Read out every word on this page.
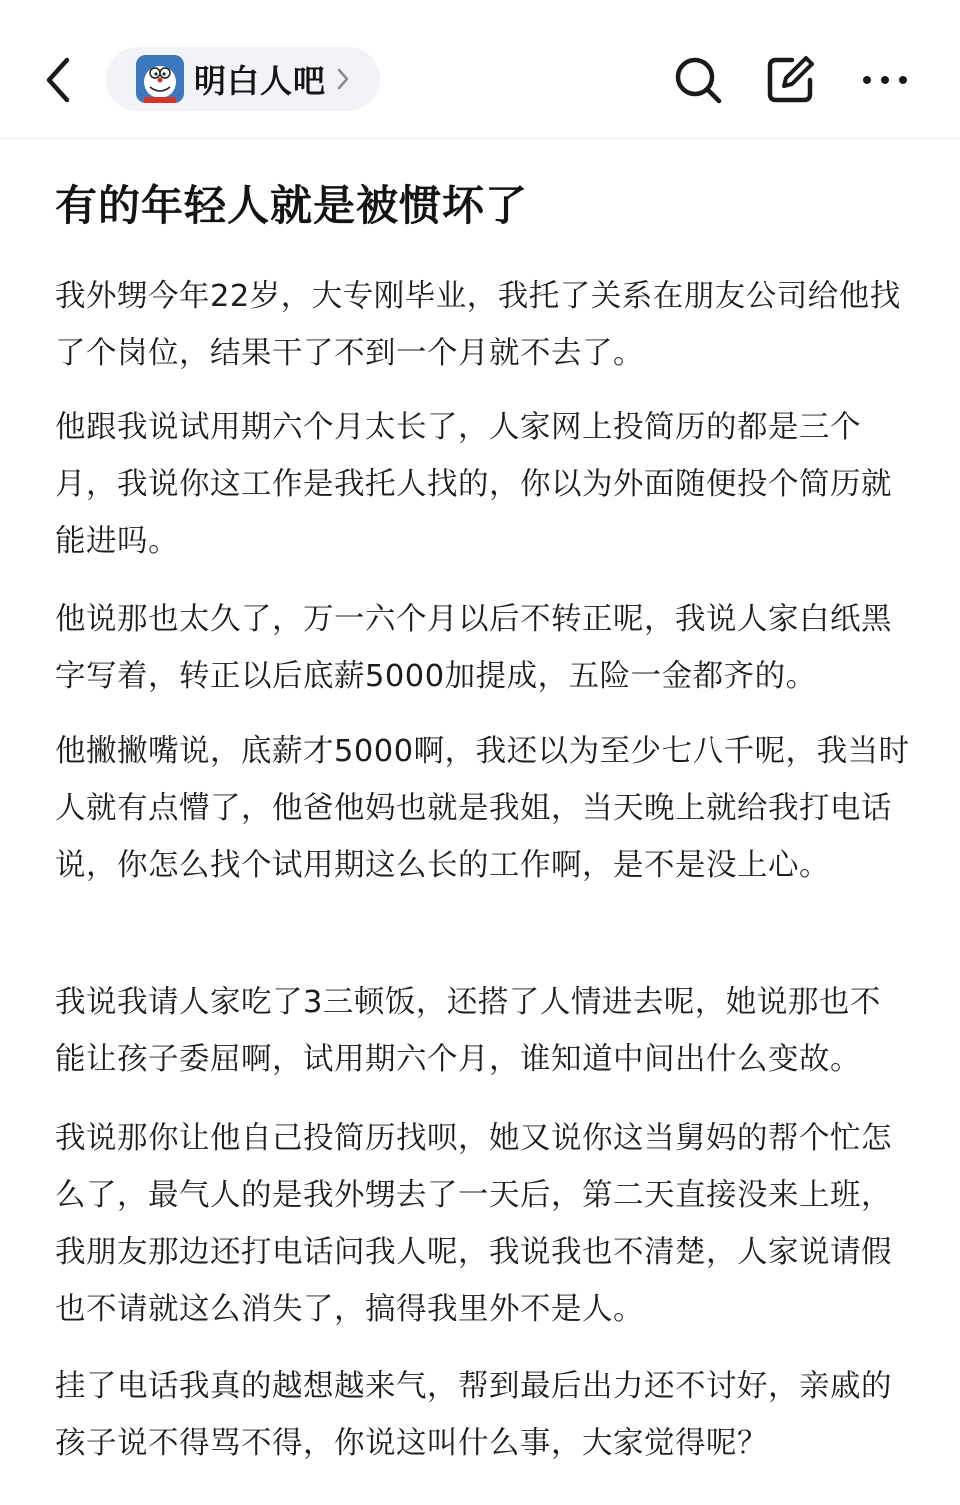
明白人吧
有的年轻人就是被惯坏了

我外甥今年22岁，大专刚毕业，我托了关系在朋友公司给他找了个岗位，结果干了不到一个月就不去了。

他跟我说试用期六个月太长了，人家网上投简历的都是三个月，我说你这工作是我托人找的，你以为外面随便投个简历就能进吗。

他说那也太久了，万一六个月以后不转正呢，我说人家白纸黑字写着，转正以后底薪5000加提成，五险一金都齐的。

他撇撇嘴说，底薪才5000啊，我还以为至少七八千呢，我当时人就有点懵了，他爸他妈也就是我姐，当天晚上就给我打电话说，你怎么找个试用期这么长的工作啊，是不是没上心。

我说我请人家吃了3三顿饭，还搭了人情进去呢，她说那也不能让孩子委屈啊，试用期六个月，谁知道中间出什么变故。

我说那你让他自己投简历找呗，她又说你这当舅妈的帮个忙怎么了，最气人的是我外甥去了一天后，第二天直接没来上班，我朋友那边还打电话问我人呢，我说我也不清楚，人家说请假也不请就这么消失了，搞得我里外不是人。

挂了电话我真的越想越来气，帮到最后出力还不讨好，亲戚的孩子说不得骂不得，你说这叫什么事，大家觉得呢？
